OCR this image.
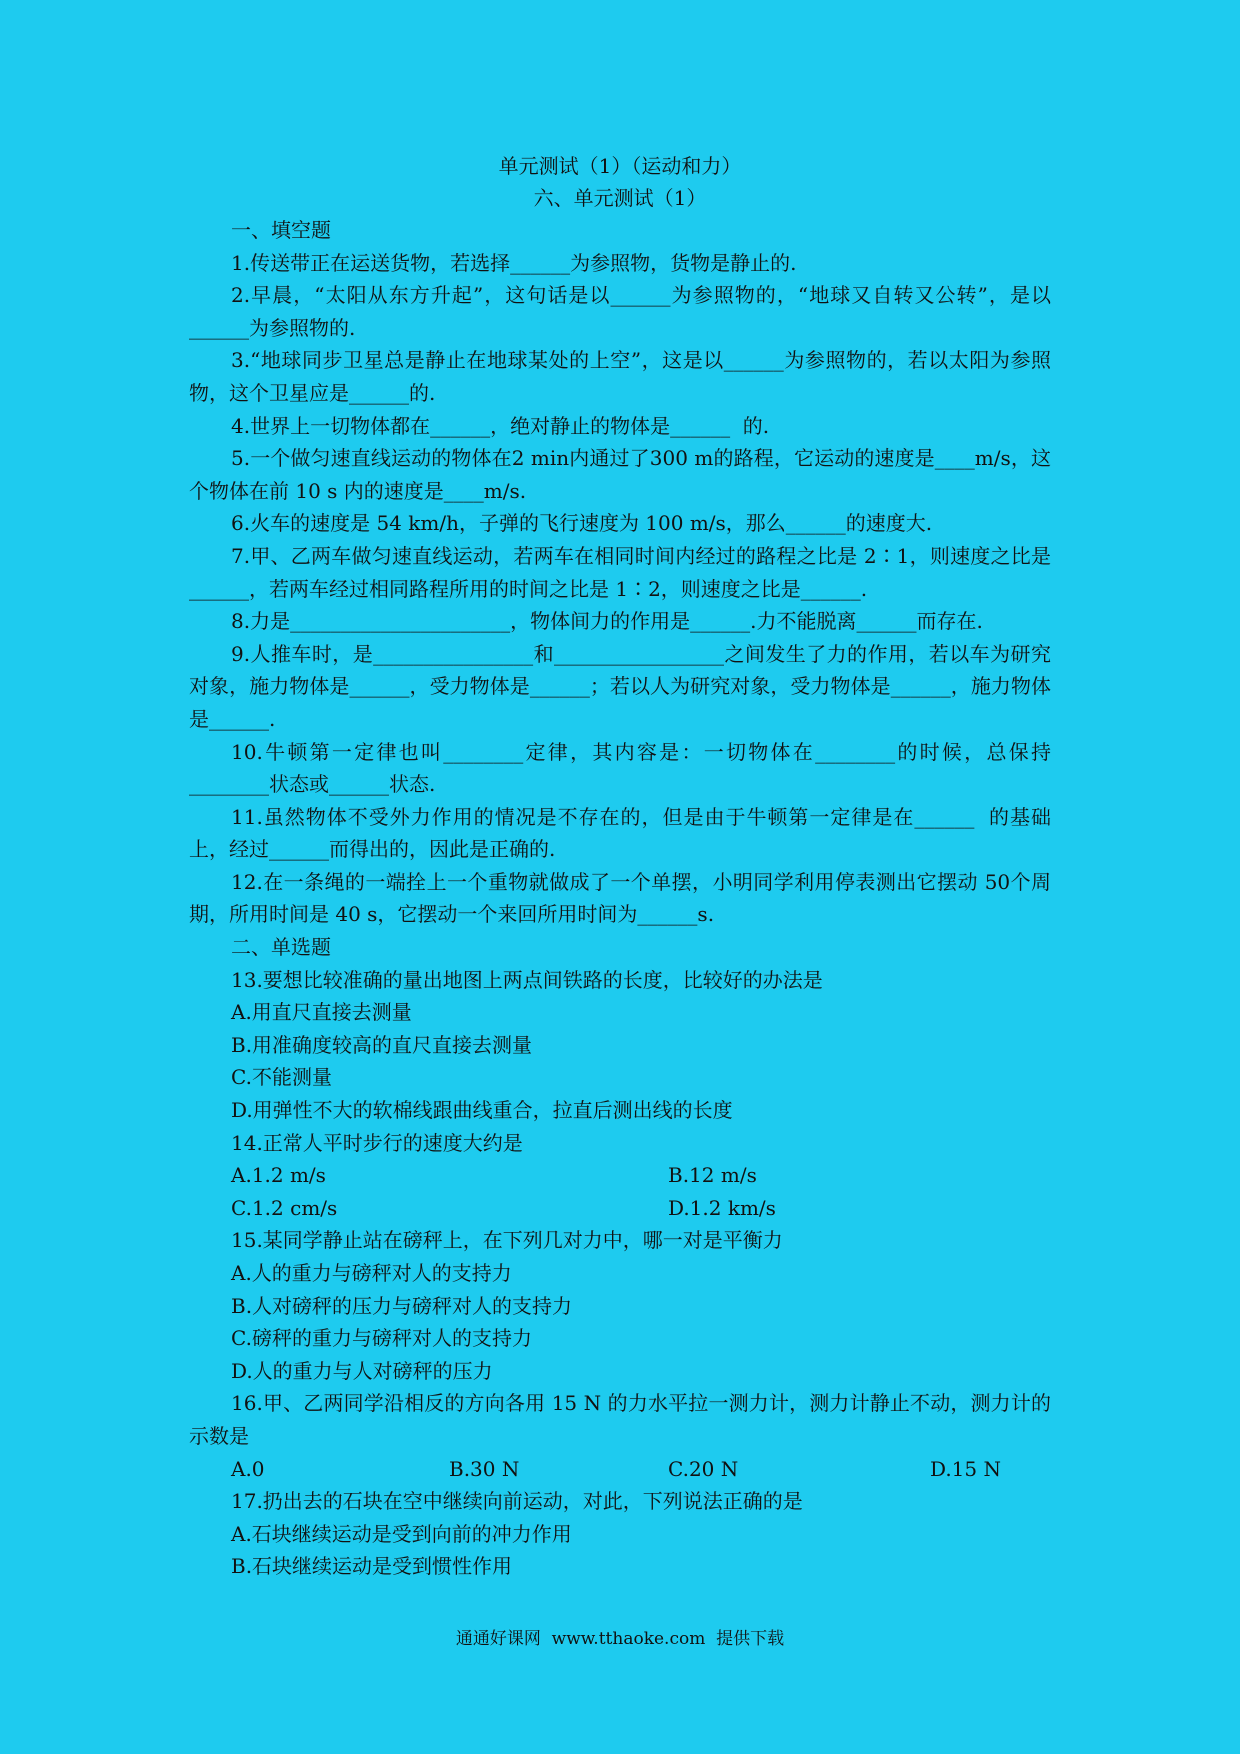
单元测试（1）（运动和力）
六、单元测试（1）
一、填空题
1.传送带正在运送货物，若选择______为参照物，货物是静止的.
2.早晨，“太阳从东方升起”，这句话是以______为参照物的，“地球又自转又公转”，是以______为参照物的.
3.“地球同步卫星总是静止在地球某处的上空”，这是以______为参照物的，若以太阳为参照物，这个卫星应是______的.
4.世界上一切物体都在______，绝对静止的物体是______  的.
5.一个做匀速直线运动的物体在2 min内通过了300 m的路程，它运动的速度是____m/s，这个物体在前 10 s 内的速度是____m/s.
6.火车的速度是 54 km/h，子弹的飞行速度为 100 m/s，那么______的速度大.
7.甲、乙两车做匀速直线运动，若两车在相同时间内经过的路程之比是 2∶1，则速度之比是______，若两车经过相同路程所用的时间之比是 1∶2，则速度之比是______.
8.力是______________________，物体间力的作用是______.力不能脱离______而存在.
9.人推车时，是________________和_________________之间发生了力的作用，若以车为研究对象，施力物体是______，受力物体是______；若以人为研究对象，受力物体是______，施力物体是______.
10.牛顿第一定律也叫________定律，其内容是：一切物体在________的时候，总保持________状态或______状态.
11.虽然物体不受外力作用的情况是不存在的，但是由于牛顿第一定律是在______  的基础上，经过______而得出的，因此是正确的.
12.在一条绳的一端拴上一个重物就做成了一个单摆，小明同学利用停表测出它摆动 50个周期，所用时间是 40 s，它摆动一个来回所用时间为______s.
二、单选题
13.要想比较准确的量出地图上两点间铁路的长度，比较好的办法是
A.用直尺直接去测量
B.用准确度较高的直尺直接去测量
C.不能测量
D.用弹性不大的软棉线跟曲线重合，拉直后测出线的长度
14.正常人平时步行的速度大约是
A.1.2 m/s	B.12 m/s
C.1.2 cm/s	D.1.2 km/s
15.某同学静止站在磅秤上，在下列几对力中，哪一对是平衡力
A.人的重力与磅秤对人的支持力
B.人对磅秤的压力与磅秤对人的支持力
C.磅秤的重力与磅秤对人的支持力
D.人的重力与人对磅秤的压力
16.甲、乙两同学沿相反的方向各用 15 N 的力水平拉一测力计，测力计静止不动，测力计的示数是
A.0	B.30 N	C.20 N	D.15 N
17.扔出去的石块在空中继续向前运动，对此，下列说法正确的是
A.石块继续运动是受到向前的冲力作用
B.石块继续运动是受到惯性作用
通通好课网  www.tthaoke.com  提供下载
